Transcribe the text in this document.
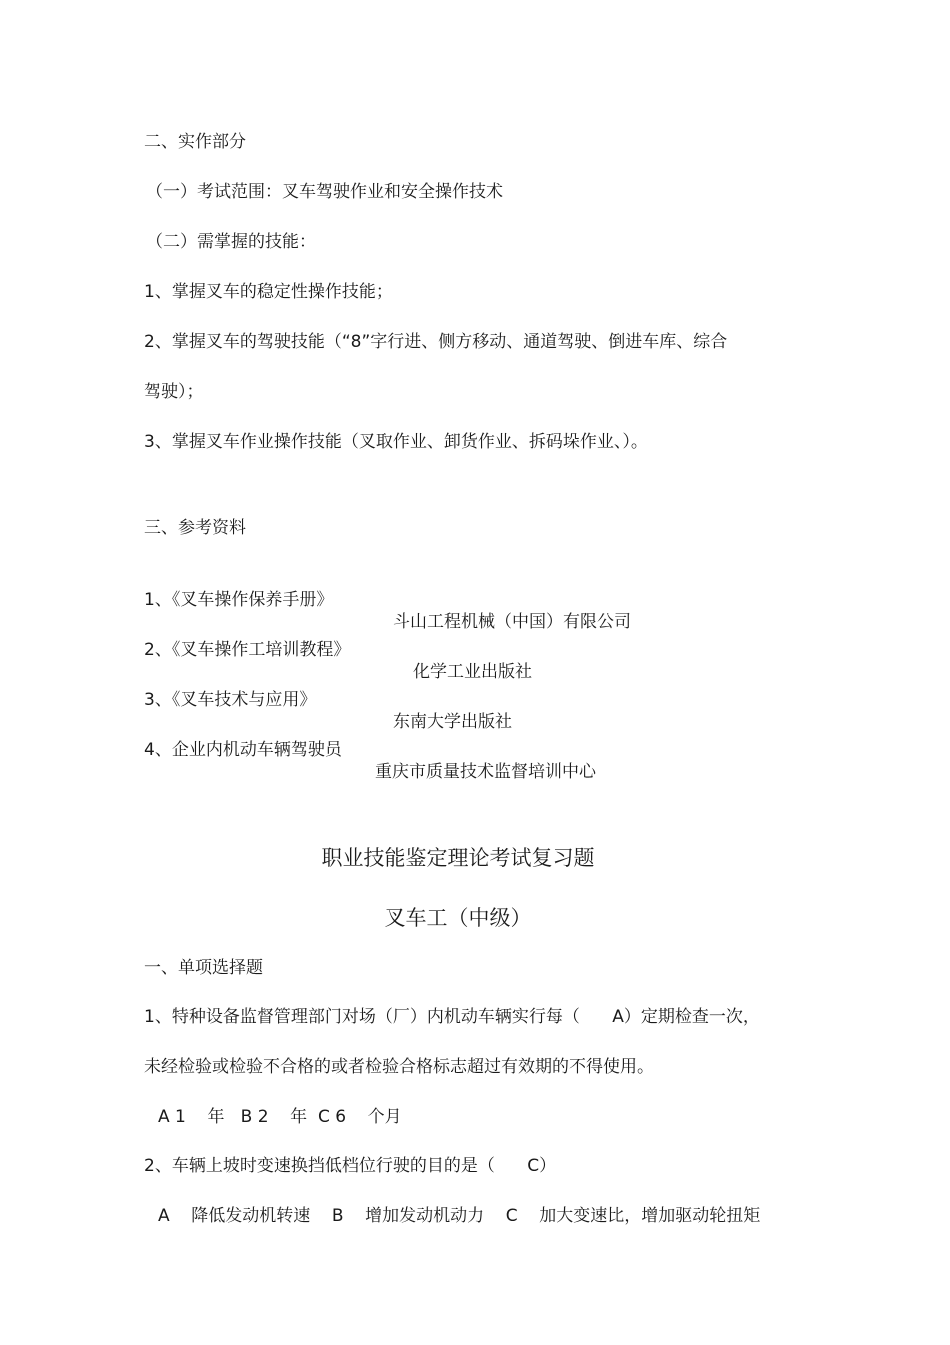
二、实作部分

（一）考试范围：叉车驾驶作业和安全操作技术

（二）需掌握的技能：

1、掌握叉车的稳定性操作技能；

2、掌握叉车的驾驶技能（“8”字行进、侧方移动、通道驾驶、倒进车库、综合

驾驶）；

3、掌握叉车作业操作技能（叉取作业、卸货作业、拆码垛作业、）。

三、参考资料

1、《叉车操作保养手册》

斗山工程机械（中国）有限公司

2、《叉车操作工培训教程》

化学工业出版社

3、《叉车技术与应用》

东南大学出版社

4、企业内机动车辆驾驶员

重庆市质量技术监督培训中心

职业技能鉴定理论考试复习题
叉车工（中级）

一、单项选择题

1、特种设备监督管理部门对场（厂）内机动车辆实行每（      A）定期检查一次，

未经检验或检验不合格的或者检验合格标志超过有效期的不得使用。

A 1    年   B 2    年  C 6    个月

2、车辆上坡时变速换挡低档位行驶的目的是（      C）

A    降低发动机转速    B    增加发动机动力    C    加大变速比，增加驱动轮扭矩
